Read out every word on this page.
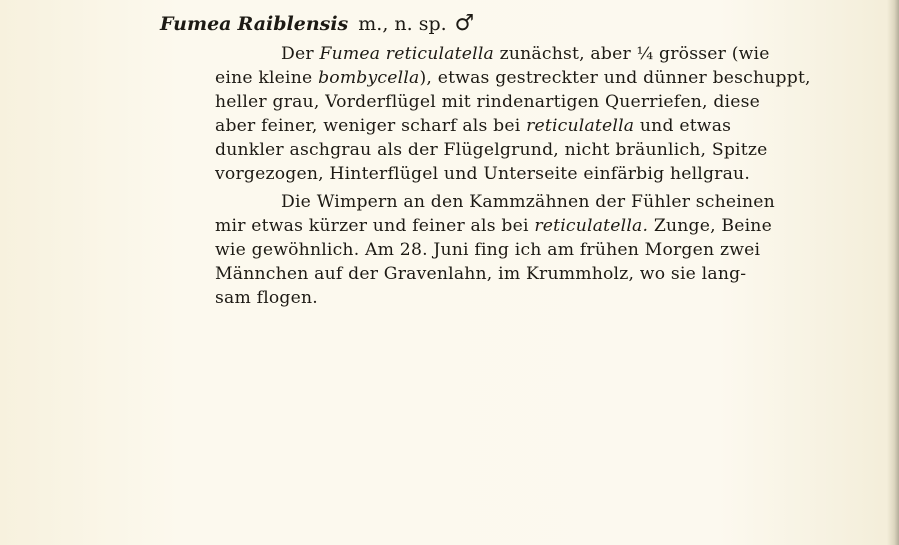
Fumea Raiblensis m., n. sp. ♂

Der Fumea reticulatella zunächst, aber ¼ grösser (wie
eine kleine bombycella), etwas gestreckter und dünner beschuppt,
heller grau, Vorderflügel mit rindenartigen Querriefen, diese
aber feiner, weniger scharf als bei reticulatella und etwas
dunkler aschgrau als der Flügelgrund, nicht bräunlich, Spitze
vorgezogen, Hinterflügel und Unterseite einfärbig hellgrau.

Die Wimpern an den Kammzähnen der Fühler scheinen
mir etwas kürzer und feiner als bei reticulatella. Zunge, Beine
wie gewöhnlich. Am 28. Juni fing ich am frühen Morgen zwei
Männchen auf der Gravenlahn, im Krummholz, wo sie lang-
sam flogen.
